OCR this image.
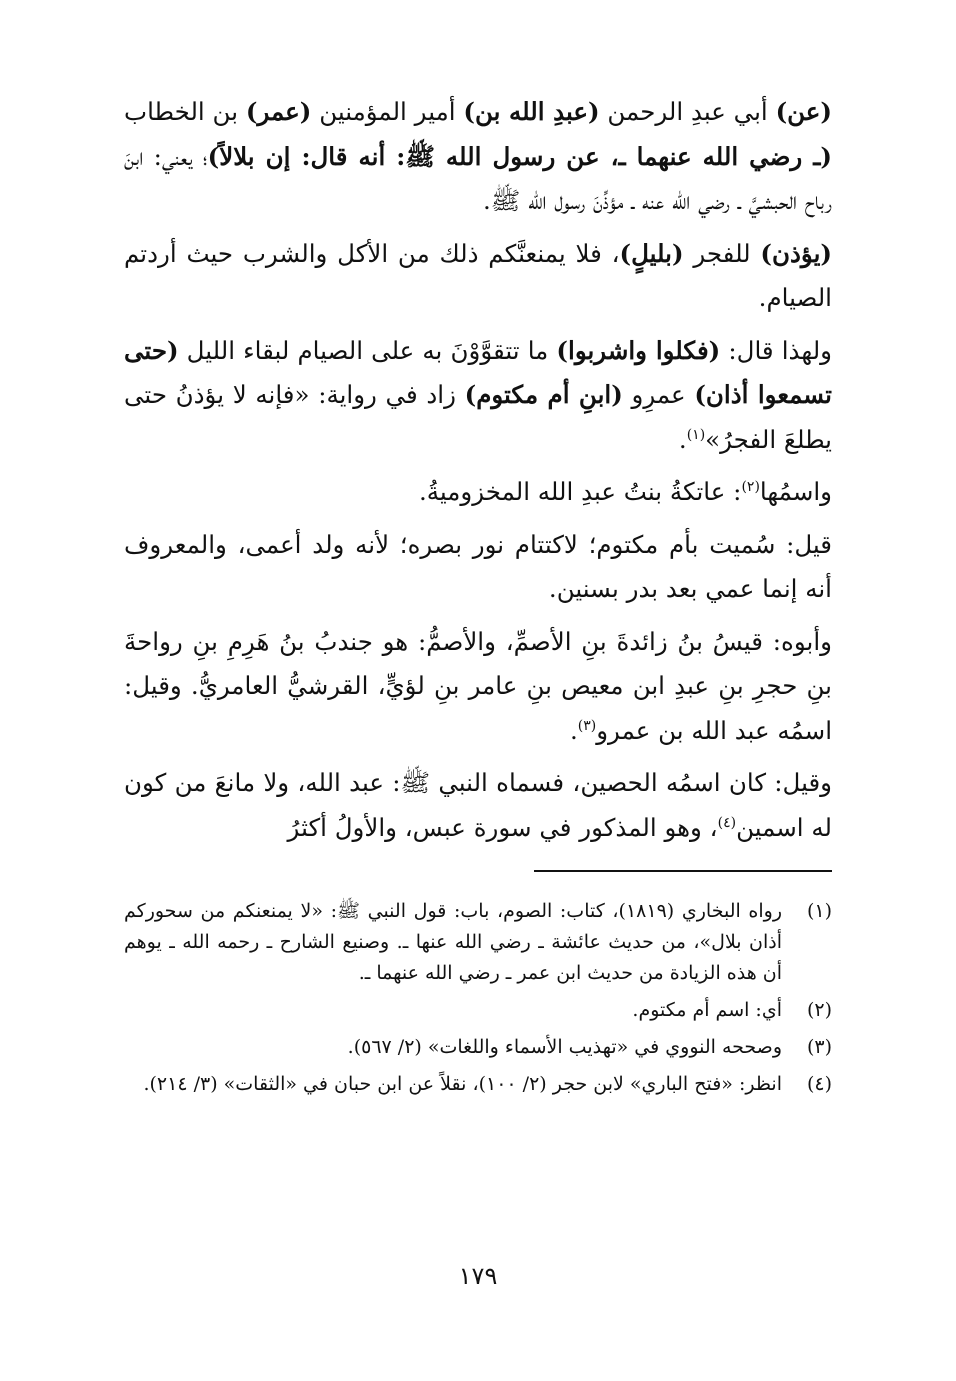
(عن) أبي عبدِ الرحمن (عبدِ الله بن) أمير المؤمنين (عمر) بن الخطاب (ـ رضي الله عنهما ـ، عن رسول الله ﷺ: أنه قال: إن بلالاً)؛ يعني: ابنَ رباح الحبشيَّ ـ رضي الله عنه ـ مؤذِّنَ رسول الله ﷺ.

(يؤذن) للفجر (بليلٍ)، فلا يمنعنَّكم ذلك من الأكل والشرب حيث أردتم الصيام.

ولهذا قال: (فكلوا واشربوا) ما تتقوَّوْنَ به على الصيام لبقاء الليل (حتى تسمعوا أذان) عمرِو (ابنِ أم مكتوم) زاد في رواية: «فإنه لا يؤذنُ حتى يطلعَ الفجرُ»$^{(١)}$.

واسمُها$^{(٢)}$: عاتكةُ بنتُ عبدِ الله المخزوميةُ.

قيل: سُميت بأم مكتوم؛ لاكتتام نور بصره؛ لأنه ولد أعمى، والمعروف أنه إنما عمي بعد بدر بسنين.

وأبوه: قيسُ بنُ زائدةَ بنِ الأصمِّ، والأصمُّ: هو جندبُ بنُ هَرِمِ بنِ رواحةَ بنِ حجرِ بنِ عبدِ ابن معيص بنِ عامر بنِ لؤيٍّ، القرشيُّ العامريُّ. وقيل: اسمُه عبد الله بن عمرو$^{(٣)}$.

وقيل: كان اسمُه الحصين، فسماه النبي ﷺ: عبد الله، ولا مانعَ من كون له اسمين$^{(٤)}$، وهو المذكور في سورة عبس، والأولُ أكثرُ

(١)
رواه البخاري (١٨١٩)، كتاب: الصوم، باب: قول النبي ﷺ: «لا يمنعنكم من سحوركم أذان بلال»، من حديث عائشة ـ رضي الله عنها ـ. وصنيع الشارح ـ رحمه الله ـ يوهم أن هذه الزيادة من حديث ابن عمر ـ رضي الله عنهما ـ.
(٢)
أي: اسم أم مكتوم.
(٣)
وصححه النووي في «تهذيب الأسماء واللغات» (٢/ ٥٦٧).
(٤)
انظر: «فتح الباري» لابن حجر (٢/ ١٠٠)، نقلاً عن ابن حبان في «الثقات» (٣/ ٢١٤).
١٧٩
